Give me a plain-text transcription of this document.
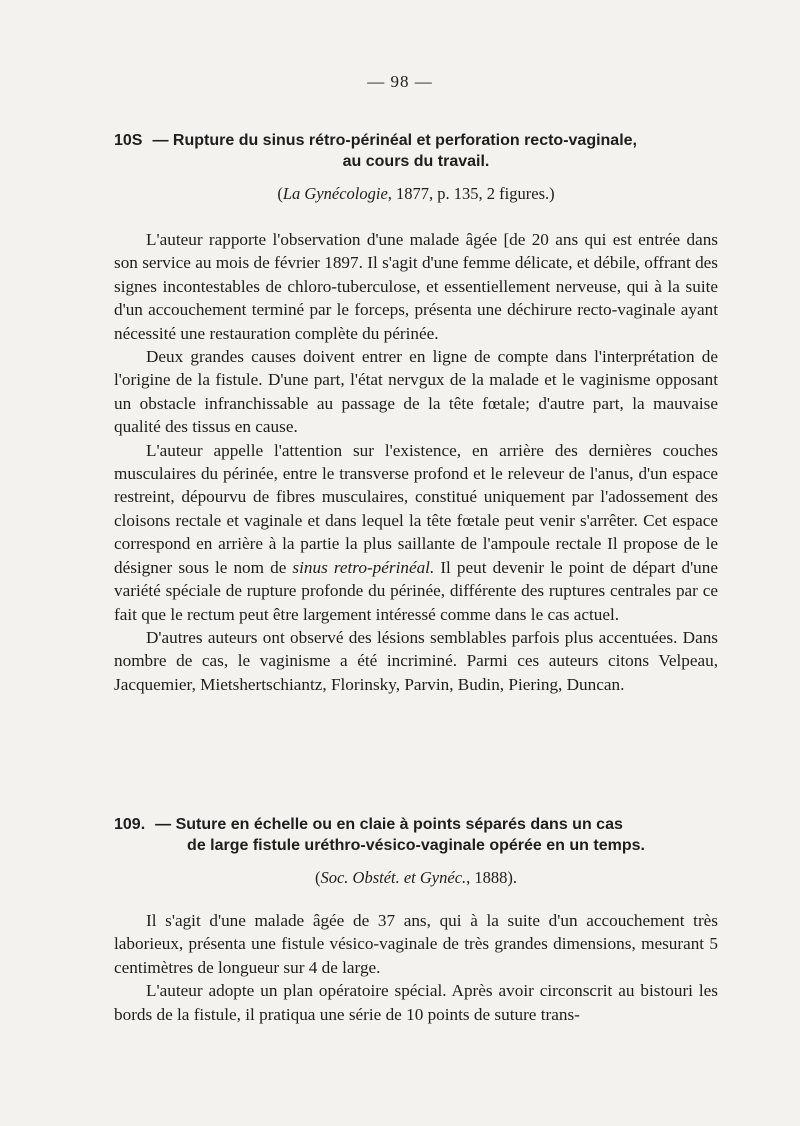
— 98 —
10S — Rupture du sinus rétro-périnéal et perforation recto-vaginale,
au cours du travail.
(La Gynécologie, 1877, p. 135, 2 figures.)

L'auteur rapporte l'observation d'une malade âgée [de 20 ans qui est entrée dans son service au mois de février 1897. Il s'agit d'une femme délicate, et débile, offrant des signes incontestables de chloro-tuberculose, et essentiellement nerveuse, qui à la suite d'un accouchement terminé par le forceps, présenta une déchirure recto-vaginale ayant nécessité une restauration complète du périnée.

Deux grandes causes doivent entrer en ligne de compte dans l'interprétation de l'origine de la fistule. D'une part, l'état nervgux de la malade et le vaginisme opposant un obstacle infranchissable au passage de la tête fœtale; d'autre part, la mauvaise qualité des tissus en cause.

L'auteur appelle l'attention sur l'existence, en arrière des dernières couches musculaires du périnée, entre le transverse profond et le releveur de l'anus, d'un espace restreint, dépourvu de fibres musculaires, constitué uniquement par l'adossement des cloisons rectale et vaginale et dans lequel la tête fœtale peut venir s'arrêter. Cet espace correspond en arrière à la partie la plus saillante de l'ampoule rectale Il propose de le désigner sous le nom de sinus retro-périnéal. Il peut devenir le point de départ d'une variété spéciale de rupture profonde du périnée, différente des ruptures centrales par ce fait que le rectum peut être largement intéressé comme dans le cas actuel.

D'autres auteurs ont observé des lésions semblables parfois plus accentuées. Dans nombre de cas, le vaginisme a été incriminé. Parmi ces auteurs citons Velpeau, Jacquemier, Mietshertschiantz, Florinsky, Parvin, Budin, Piering, Duncan.

109. — Suture en échelle ou en claie à points séparés dans un cas
de large fistule uréthro-vésico-vaginale opérée en un temps.
(Soc. Obstét. et Gynéc., 1888).

Il s'agit d'une malade âgée de 37 ans, qui à la suite d'un accouchement très laborieux, présenta une fistule vésico-vaginale de très grandes dimensions, mesurant 5 centimètres de longueur sur 4 de large.

L'auteur adopte un plan opératoire spécial. Après avoir circonscrit au bistouri les bords de la fistule, il pratiqua une série de 10 points de suture trans-
